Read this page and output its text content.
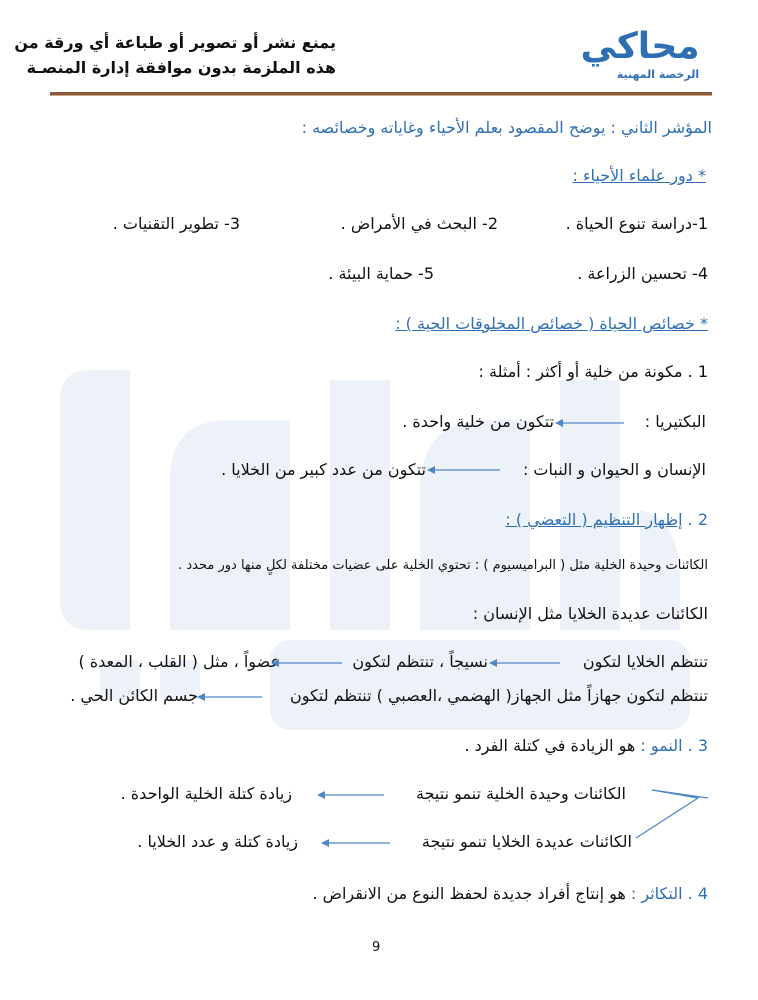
يمنع نشر أو تصوير أو طباعة أي ورقة من
هذه الملزمة بدون موافقة إدارة المنصـة
محاكي
الرخصة المهنية
المؤشر الثاني : يوضح المقصود بعلم الأحياء وغاياته وخصائصه :
* دور علماء الأحياء :
1-دراسة تنوع الحياة .
2- البحث في الأمراض .
3- تطوير التقنيات .
4- تحسين الزراعة .
5- حماية البيئة .
* خصائص الحياة ( خصائص المخلوقات الحية ) :
1 . مكونة من خلية أو أكثر : أمثلة :
البكتيريا :
تتكون من خلية واحدة .
الإنسان و الحيوان و النبات :
تتكون من عدد كبير من الخلايا .
2 . إظهار التنظيم ( التعضي ) :
الكائنات وحيدة الخلية مثل ( البراميسيوم ) : تحتوي الخلية على عضيات مختلفة لكلٍ منها دور محدد .
الكائنات عديدة الخلايا مثل الإنسان :
تنتظم الخلايا لتكون
نسيجاً ، تنتظم لتكون
عضواً ، مثل ( القلب ، المعدة )
تنتظم لتكون جهازاً مثل الجهاز( الهضمي ،العصبي ) تنتظم لتكون
جسم الكائن الحي .
3 . النمو : هو الزيادة في كتلة الفرد .
الكائنات وحيدة الخلية تنمو نتيجة
زيادة كتلة الخلية الواحدة .
الكائنات عديدة الخلايا تنمو نتيجة
زيادة كتلة و عدد الخلايا .
4 . التكاثر : هو إنتاج أفراد جديدة لحفظ النوع من الانقراض .
9
